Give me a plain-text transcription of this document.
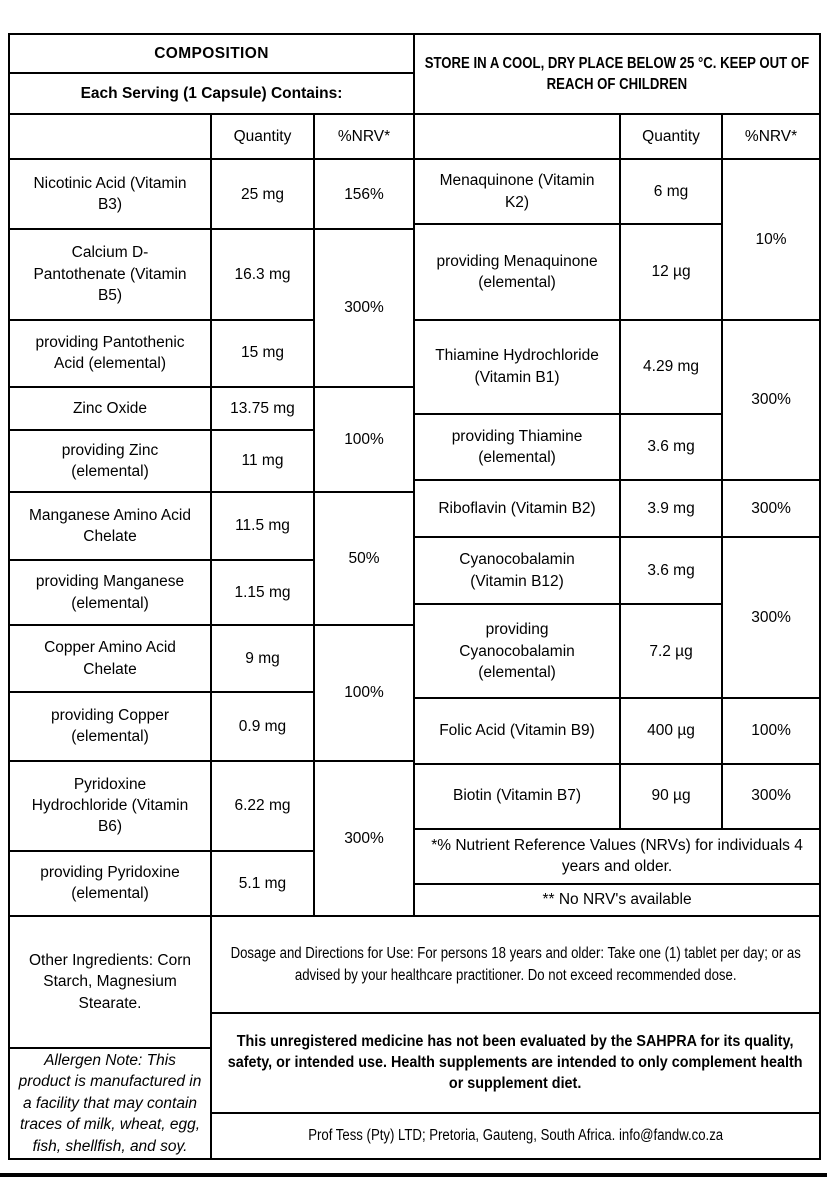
COMPOSITION		
Each Serving (1 Capsule) Contains:		
	Quantity	%NRV*
Nicotinic Acid (Vitamin B3)	25 mg	156%
Calcium D-Pantothenate (Vitamin B5)	16.3 mg	300%
providing Pantothenic Acid (elemental)	15 mg	
Zinc Oxide	13.75 mg	100%
providing Zinc (elemental)	11 mg	
Manganese Amino Acid Chelate	11.5 mg	50%
providing Manganese (elemental)	1.15 mg	
Copper Amino Acid Chelate	9 mg	100%
providing Copper (elemental)	0.9 mg	
Pyridoxine Hydrochloride (Vitamin B6)	6.22 mg	300%
providing Pyridoxine (elemental)	5.1 mg	
STORE IN A COOL, DRY PLACE BELOW 25 °C. KEEP OUT OF REACH OF CHILDREN		

	Quantity	%NRV*
Menaquinone (Vitamin K2)	6 mg	10%
providing Menaquinone (elemental)	12 µg	
Thiamine Hydrochloride (Vitamin B1)	4.29 mg	300%
providing Thiamine (elemental)	3.6 mg	
Riboflavin (Vitamin B2)	3.9 mg	300%
Cyanocobalamin (Vitamin B12)	3.6 mg	300%
providing Cyanocobalamin (elemental)	7.2 µg	
Folic Acid (Vitamin B9)	400 µg	100%
Biotin (Vitamin B7)	90 µg	300%
*% Nutrient Reference Values (NRVs) for individuals 4 years and older.		
** No NRV's available		
Other Ingredients: Corn Starch, Magnesium Stearate.	
Dosage and Directions for Use: For persons 18 years and older: Take one (1) tablet per day; or as advised by your healthcare practitioner. Do not exceed recommended dose.

This unregistered medicine has not been evaluated by the SAHPRA for its quality, safety, or intended use. Health supplements are intended to only complement health or supplement diet.

Allergen Note: This product is manufactured in a facility that may contain traces of milk, wheat, egg, fish, shellfish, and soy.

Prof Tess (Pty) LTD; Pretoria, Gauteng, South Africa. info@fandw.co.za
